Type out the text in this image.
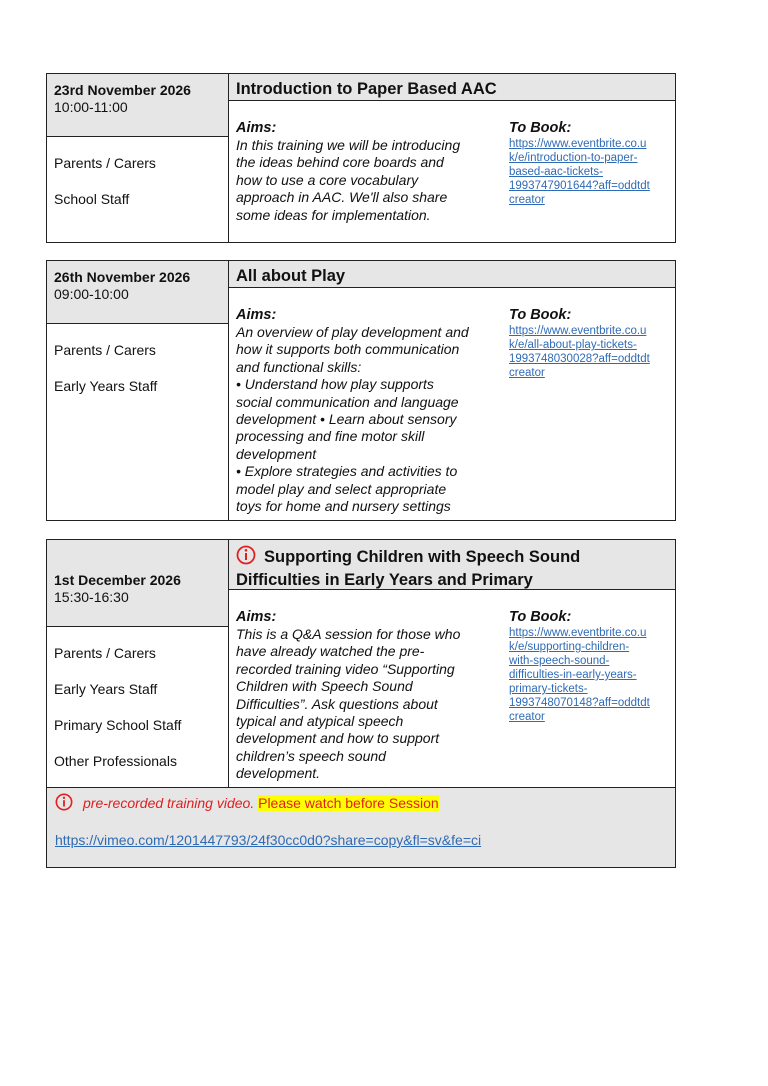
23rd November 2026
10:00-11:00
Parents / Carers
School Staff
Introduction to Paper Based AAC
Aims:
In this training we will be introducing
the ideas behind core boards and
how to use a core vocabulary
approach in AAC. We'll also share
some ideas for implementation.
To Book:
https://www.eventbrite.co.u
k/e/introduction-to-paper-
based-aac-tickets-
1993747901644?aff=oddtdt
creator
26th November 2026
09:00-10:00
Parents / Carers
Early Years Staff
All about Play
Aims:
An overview of play development and
how it supports both communication
and functional skills:
• Understand how play supports
social communication and language
development • Learn about sensory
processing and fine motor skill
development
• Explore strategies and activities to
model play and select appropriate
toys for home and nursery settings
To Book:
https://www.eventbrite.co.u
k/e/all-about-play-tickets-
1993748030028?aff=oddtdt
creator
1st December 2026
15:30-16:30
Parents / Carers
Early Years Staff
Primary School Staff
Other Professionals
Supporting Children with Speech Sound
Difficulties in Early Years and Primary
Aims:
This is a Q&A session for those who
have already watched the pre-
recorded training video “Supporting
Children with Speech Sound
Difficulties”. Ask questions about
typical and atypical speech
development and how to support
children’s speech sound
development.
To Book:
https://www.eventbrite.co.u
k/e/supporting-children-
with-speech-sound-
difficulties-in-early-years-
primary-tickets-
1993748070148?aff=oddtdt
creator
pre-recorded training video. Please watch before Session
https://vimeo.com/1201447793/24f30cc0d0?share=copy&fl=sv&fe=ci
